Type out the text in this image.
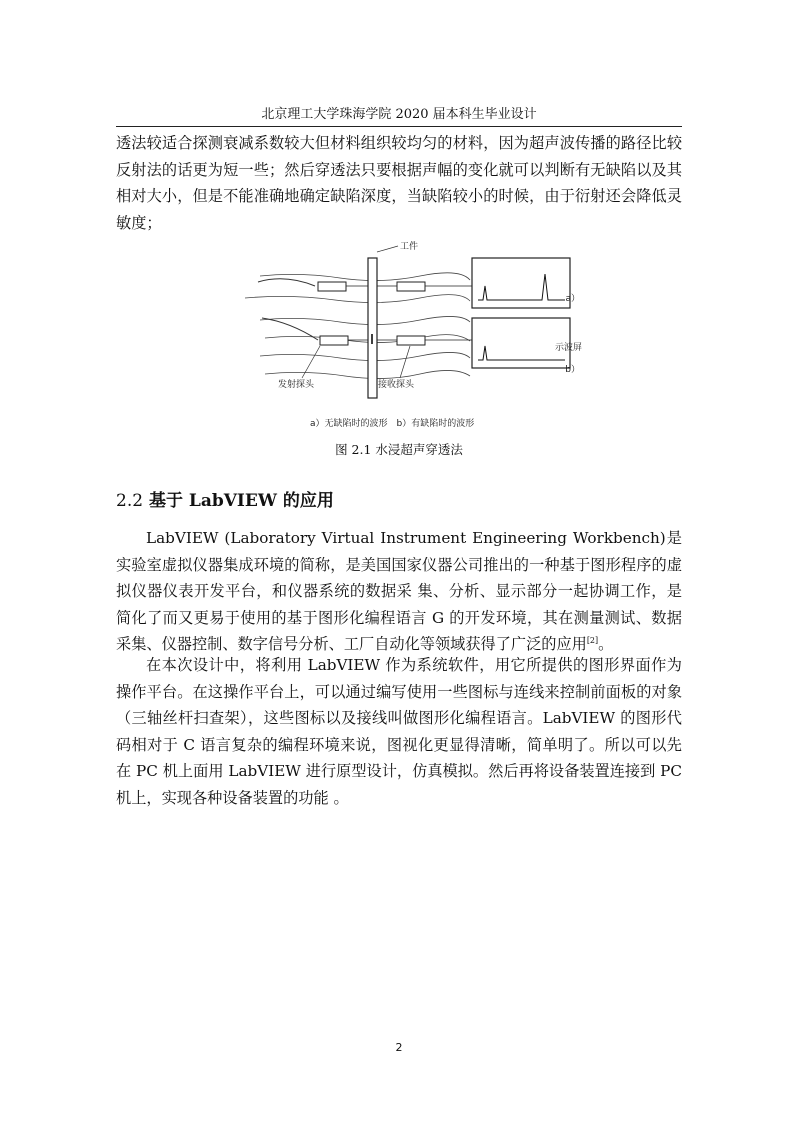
北京理工大学珠海学院 2020 届本科生毕业设计

透法较适合探测衰减系数较大但材料组织较均匀的材料，因为超声波传播的路径比较反射法的话更为短一些；然后穿透法只要根据声幅的变化就可以判断有无缺陷以及其相对大小，但是不能准确地确定缺陷深度，当缺陷较小的时候，由于衍射还会降低灵敏度；

工件
a）
b）
示波屏
发射探头	接收探头
a）无缺陷时的波形　b）有缺陷时的波形
图 2.1 水浸超声穿透法
2.2 基于 LabVIEW 的应用

LabVIEW (Laboratory Virtual Instrument Engineering Workbench)是实验室虚拟仪器集成环境的简称，是美国国家仪器公司推出的一种基于图形程序的虚拟仪器仪表开发平台，和仪器系统的数据采 集、分析、显示部分一起协调工作，是简化了而又更易于使用的基于图形化编程语言 G 的开发环境，其在测量测试、数据采集、仪器控制、数字信号分析、工厂自动化等领域获得了广泛的应用[2]。

在本次设计中，将利用 LabVIEW 作为系统软件，用它所提供的图形界面作为操作平台。在这操作平台上，可以通过编写使用一些图标与连线来控制前面板的对象（三轴丝杆扫查架），这些图标以及接线叫做图形化编程语言。LabVIEW 的图形代码相对于 C 语言复杂的编程环境来说，图视化更显得清晰，简单明了。所以可以先在 PC 机上面用 LabVIEW 进行原型设计，仿真模拟。然后再将设备装置连接到 PC 机上，实现各种设备装置的功能 。

2
